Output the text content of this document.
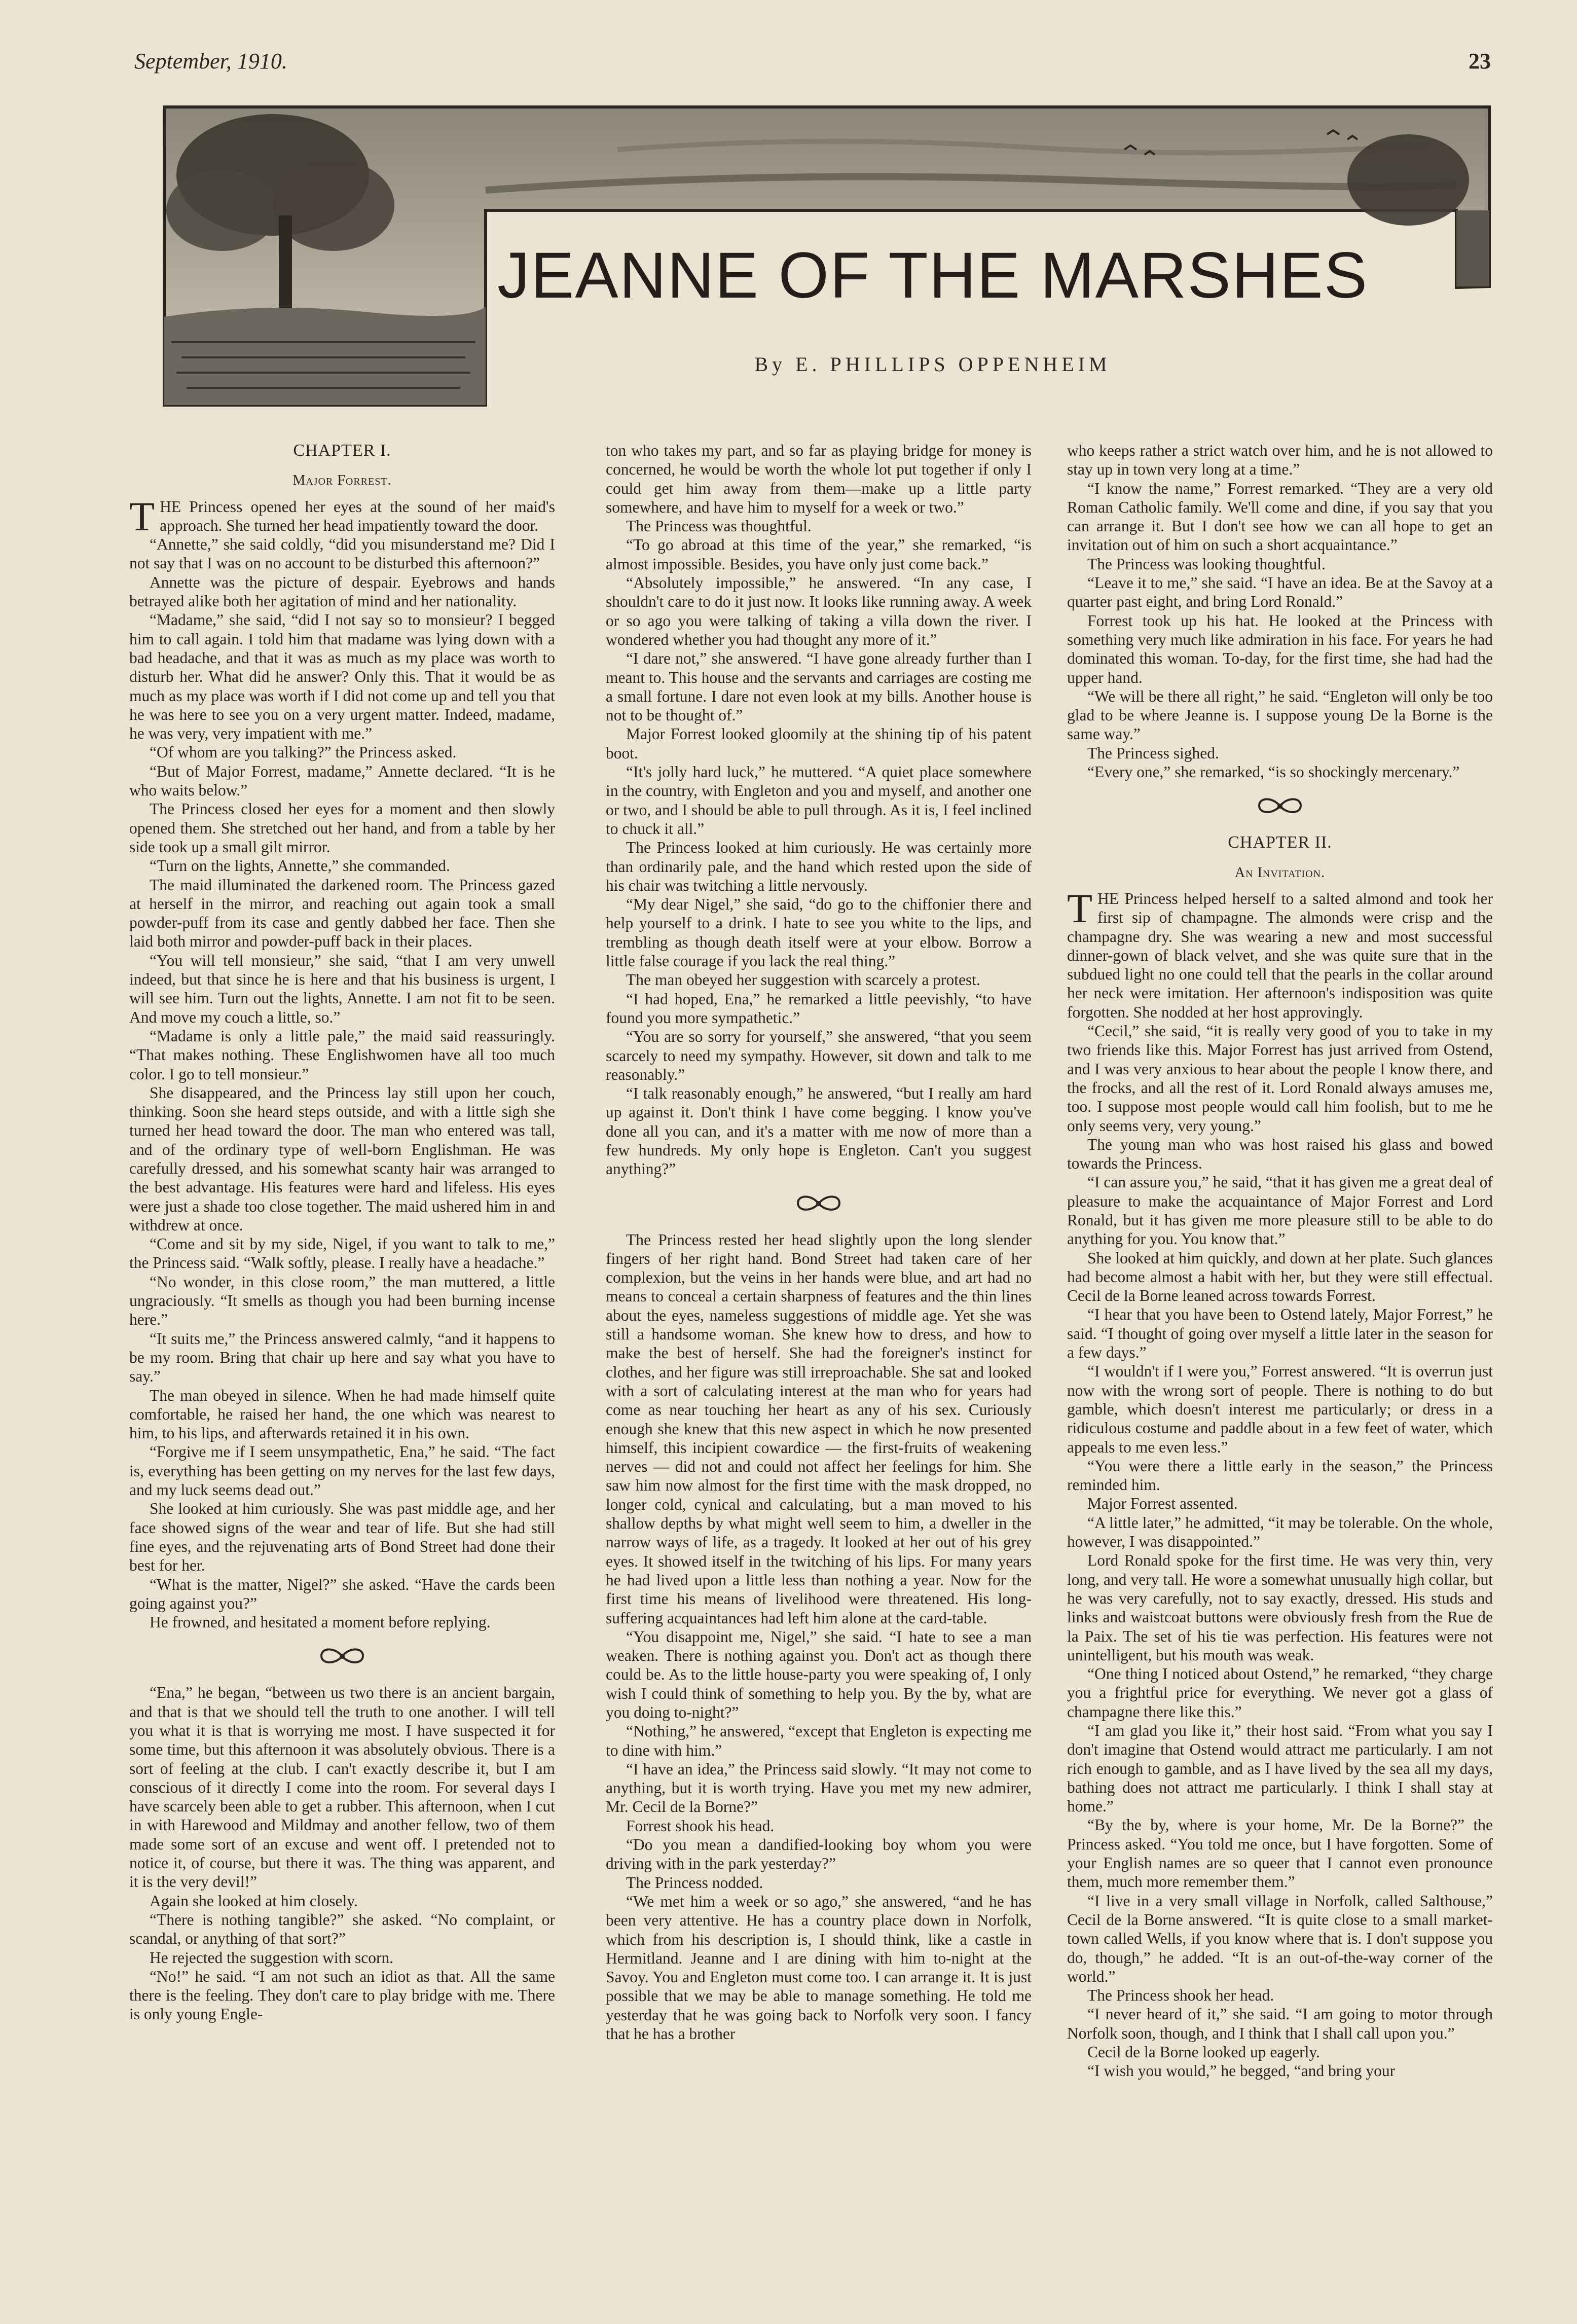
September, 1910.	23
JEANNE OF THE MARSHES
By E. PHILLIPS OPPENHEIM
CHAPTER I.
Major Forrest.
T HE Princess opened her eyes at the sound of her maid's approach. She turned her head impatiently toward the door.

“Annette,” she said coldly, “did you misunderstand me? Did I not say that I was on no account to be disturbed this afternoon?”

Annette was the picture of despair. Eyebrows and hands betrayed alike both her agitation of mind and her nationality.

“Madame,” she said, “did I not say so to monsieur? I begged him to call again. I told him that madame was lying down with a bad headache, and that it was as much as my place was worth to disturb her. What did he answer? Only this. That it would be as much as my place was worth if I did not come up and tell you that he was here to see you on a very urgent matter. Indeed, madame, he was very, very impatient with me.”

“Of whom are you talking?” the Princess asked.

“But of Major Forrest, madame,” Annette declared. “It is he who waits below.”

The Princess closed her eyes for a moment and then slowly opened them. She stretched out her hand, and from a table by her side took up a small gilt mirror.

“Turn on the lights, Annette,” she commanded.

The maid illuminated the darkened room. The Princess gazed at herself in the mirror, and reaching out again took a small powder-puff from its case and gently dabbed her face. Then she laid both mirror and powder-puff back in their places.

“You will tell monsieur,” she said, “that I am very unwell indeed, but that since he is here and that his business is urgent, I will see him. Turn out the lights, Annette. I am not fit to be seen. And move my couch a little, so.”

“Madame is only a little pale,” the maid said reassuringly. “That makes nothing. These Englishwomen have all too much color. I go to tell monsieur.”

She disappeared, and the Princess lay still upon her couch, thinking. Soon she heard steps outside, and with a little sigh she turned her head toward the door. The man who entered was tall, and of the ordinary type of well-born Englishman. He was carefully dressed, and his somewhat scanty hair was arranged to the best advantage. His features were hard and lifeless. His eyes were just a shade too close together. The maid ushered him in and withdrew at once.

“Come and sit by my side, Nigel, if you want to talk to me,” the Princess said. “Walk softly, please. I really have a headache.”

“No wonder, in this close room,” the man muttered, a little ungraciously. “It smells as though you had been burning incense here.”

“It suits me,” the Princess answered calmly, “and it happens to be my room. Bring that chair up here and say what you have to say.”

The man obeyed in silence. When he had made himself quite comfortable, he raised her hand, the one which was nearest to him, to his lips, and afterwards retained it in his own.

“Forgive me if I seem unsympathetic, Ena,” he said. “The fact is, everything has been getting on my nerves for the last few days, and my luck seems dead out.”

She looked at him curiously. She was past middle age, and her face showed signs of the wear and tear of life. But she had still fine eyes, and the rejuvenating arts of Bond Street had done their best for her.

“What is the matter, Nigel?” she asked. “Have the cards been going against you?”

He frowned, and hesitated a moment before replying.

“Ena,” he began, “between us two there is an ancient bargain, and that is that we should tell the truth to one another. I will tell you what it is that is worrying me most. I have suspected it for some time, but this afternoon it was absolutely obvious. There is a sort of feeling at the club. I can't exactly describe it, but I am conscious of it directly I come into the room. For several days I have scarcely been able to get a rubber. This afternoon, when I cut in with Harewood and Mildmay and another fellow, two of them made some sort of an excuse and went off. I pretended not to notice it, of course, but there it was. The thing was apparent, and it is the very devil!”

Again she looked at him closely.

“There is nothing tangible?” she asked. “No complaint, or scandal, or anything of that sort?”

He rejected the suggestion with scorn.

“No!” he said. “I am not such an idiot as that. All the same there is the feeling. They don't care to play bridge with me. There is only young Engle-

ton who takes my part, and so far as playing bridge for money is concerned, he would be worth the whole lot put together if only I could get him away from them—make up a little party somewhere, and have him to myself for a week or two.”

The Princess was thoughtful.

“To go abroad at this time of the year,” she remarked, “is almost impossible. Besides, you have only just come back.”

“Absolutely impossible,” he answered. “In any case, I shouldn't care to do it just now. It looks like running away. A week or so ago you were talking of taking a villa down the river. I wondered whether you had thought any more of it.”

“I dare not,” she answered. “I have gone already further than I meant to. This house and the servants and carriages are costing me a small fortune. I dare not even look at my bills. Another house is not to be thought of.”

Major Forrest looked gloomily at the shining tip of his patent boot.

“It's jolly hard luck,” he muttered. “A quiet place somewhere in the country, with Engleton and you and myself, and another one or two, and I should be able to pull through. As it is, I feel inclined to chuck it all.”

The Princess looked at him curiously. He was certainly more than ordinarily pale, and the hand which rested upon the side of his chair was twitching a little nervously.

“My dear Nigel,” she said, “do go to the chiffonier there and help yourself to a drink. I hate to see you white to the lips, and trembling as though death itself were at your elbow. Borrow a little false courage if you lack the real thing.”

The man obeyed her suggestion with scarcely a protest.

“I had hoped, Ena,” he remarked a little peevishly, “to have found you more sympathetic.”

“You are so sorry for yourself,” she answered, “that you seem scarcely to need my sympathy. However, sit down and talk to me reasonably.”

“I talk reasonably enough,” he answered, “but I really am hard up against it. Don't think I have come begging. I know you've done all you can, and it's a matter with me now of more than a few hundreds. My only hope is Engleton. Can't you suggest anything?”

The Princess rested her head slightly upon the long slender fingers of her right hand. Bond Street had taken care of her complexion, but the veins in her hands were blue, and art had no means to conceal a certain sharpness of features and the thin lines about the eyes, nameless suggestions of middle age. Yet she was still a handsome woman. She knew how to dress, and how to make the best of herself. She had the foreigner's instinct for clothes, and her figure was still irreproachable. She sat and looked with a sort of calculating interest at the man who for years had come as near touching her heart as any of his sex. Curiously enough she knew that this new aspect in which he now presented himself, this incipient cowardice — the first-fruits of weakening nerves — did not and could not affect her feelings for him. She saw him now almost for the first time with the mask dropped, no longer cold, cynical and calculating, but a man moved to his shallow depths by what might well seem to him, a dweller in the narrow ways of life, as a tragedy. It looked at her out of his grey eyes. It showed itself in the twitching of his lips. For many years he had lived upon a little less than nothing a year. Now for the first time his means of livelihood were threatened. His long-suffering acquaintances had left him alone at the card-table.

“You disappoint me, Nigel,” she said. “I hate to see a man weaken. There is nothing against you. Don't act as though there could be. As to the little house-party you were speaking of, I only wish I could think of something to help you. By the by, what are you doing to-night?”

“Nothing,” he answered, “except that Engleton is expecting me to dine with him.”

“I have an idea,” the Princess said slowly. “It may not come to anything, but it is worth trying. Have you met my new admirer, Mr. Cecil de la Borne?”

Forrest shook his head.

“Do you mean a dandified-looking boy whom you were driving with in the park yesterday?”

The Princess nodded.

“We met him a week or so ago,” she answered, “and he has been very attentive. He has a country place down in Norfolk, which from his description is, I should think, like a castle in Hermitland. Jeanne and I are dining with him to-night at the Savoy. You and Engleton must come too. I can arrange it. It is just possible that we may be able to manage something. He told me yesterday that he was going back to Norfolk very soon. I fancy that he has a brother

who keeps rather a strict watch over him, and he is not allowed to stay up in town very long at a time.”

“I know the name,” Forrest remarked. “They are a very old Roman Catholic family. We'll come and dine, if you say that you can arrange it. But I don't see how we can all hope to get an invitation out of him on such a short acquaintance.”

The Princess was looking thoughtful.

“Leave it to me,” she said. “I have an idea. Be at the Savoy at a quarter past eight, and bring Lord Ronald.”

Forrest took up his hat. He looked at the Princess with something very much like admiration in his face. For years he had dominated this woman. To-day, for the first time, she had had the upper hand.

“We will be there all right,” he said. “Engleton will only be too glad to be where Jeanne is. I suppose young De la Borne is the same way.”

The Princess sighed.

“Every one,” she remarked, “is so shockingly mercenary.”

CHAPTER II.
An Invitation.
T HE Princess helped herself to a salted almond and took her first sip of champagne. The almonds were crisp and the champagne dry. She was wearing a new and most successful dinner-gown of black velvet, and she was quite sure that in the subdued light no one could tell that the pearls in the collar around her neck were imitation. Her afternoon's indisposition was quite forgotten. She nodded at her host approvingly.

“Cecil,” she said, “it is really very good of you to take in my two friends like this. Major Forrest has just arrived from Ostend, and I was very anxious to hear about the people I know there, and the frocks, and all the rest of it. Lord Ronald always amuses me, too. I suppose most people would call him foolish, but to me he only seems very, very young.”

The young man who was host raised his glass and bowed towards the Princess.

“I can assure you,” he said, “that it has given me a great deal of pleasure to make the acquaintance of Major Forrest and Lord Ronald, but it has given me more pleasure still to be able to do anything for you. You know that.”

She looked at him quickly, and down at her plate. Such glances had become almost a habit with her, but they were still effectual. Cecil de la Borne leaned across towards Forrest.

“I hear that you have been to Ostend lately, Major Forrest,” he said. “I thought of going over myself a little later in the season for a few days.”

“I wouldn't if I were you,” Forrest answered. “It is overrun just now with the wrong sort of people. There is nothing to do but gamble, which doesn't interest me particularly; or dress in a ridiculous costume and paddle about in a few feet of water, which appeals to me even less.”

“You were there a little early in the season,” the Princess reminded him.

Major Forrest assented.

“A little later,” he admitted, “it may be tolerable. On the whole, however, I was disappointed.”

Lord Ronald spoke for the first time. He was very thin, very long, and very tall. He wore a somewhat unusually high collar, but he was very carefully, not to say exactly, dressed. His studs and links and waistcoat buttons were obviously fresh from the Rue de la Paix. The set of his tie was perfection. His features were not unintelligent, but his mouth was weak.

“One thing I noticed about Ostend,” he remarked, “they charge you a frightful price for everything. We never got a glass of champagne there like this.”

“I am glad you like it,” their host said. “From what you say I don't imagine that Ostend would attract me particularly. I am not rich enough to gamble, and as I have lived by the sea all my days, bathing does not attract me particularly. I think I shall stay at home.”

“By the by, where is your home, Mr. De la Borne?” the Princess asked. “You told me once, but I have forgotten. Some of your English names are so queer that I cannot even pronounce them, much more remember them.”

“I live in a very small village in Norfolk, called Salthouse,” Cecil de la Borne answered. “It is quite close to a small market-town called Wells, if you know where that is. I don't suppose you do, though,” he added. “It is an out-of-the-way corner of the world.”

The Princess shook her head.

“I never heard of it,” she said. “I am going to motor through Norfolk soon, though, and I think that I shall call upon you.”

Cecil de la Borne looked up eagerly.

“I wish you would,” he begged, “and bring your
